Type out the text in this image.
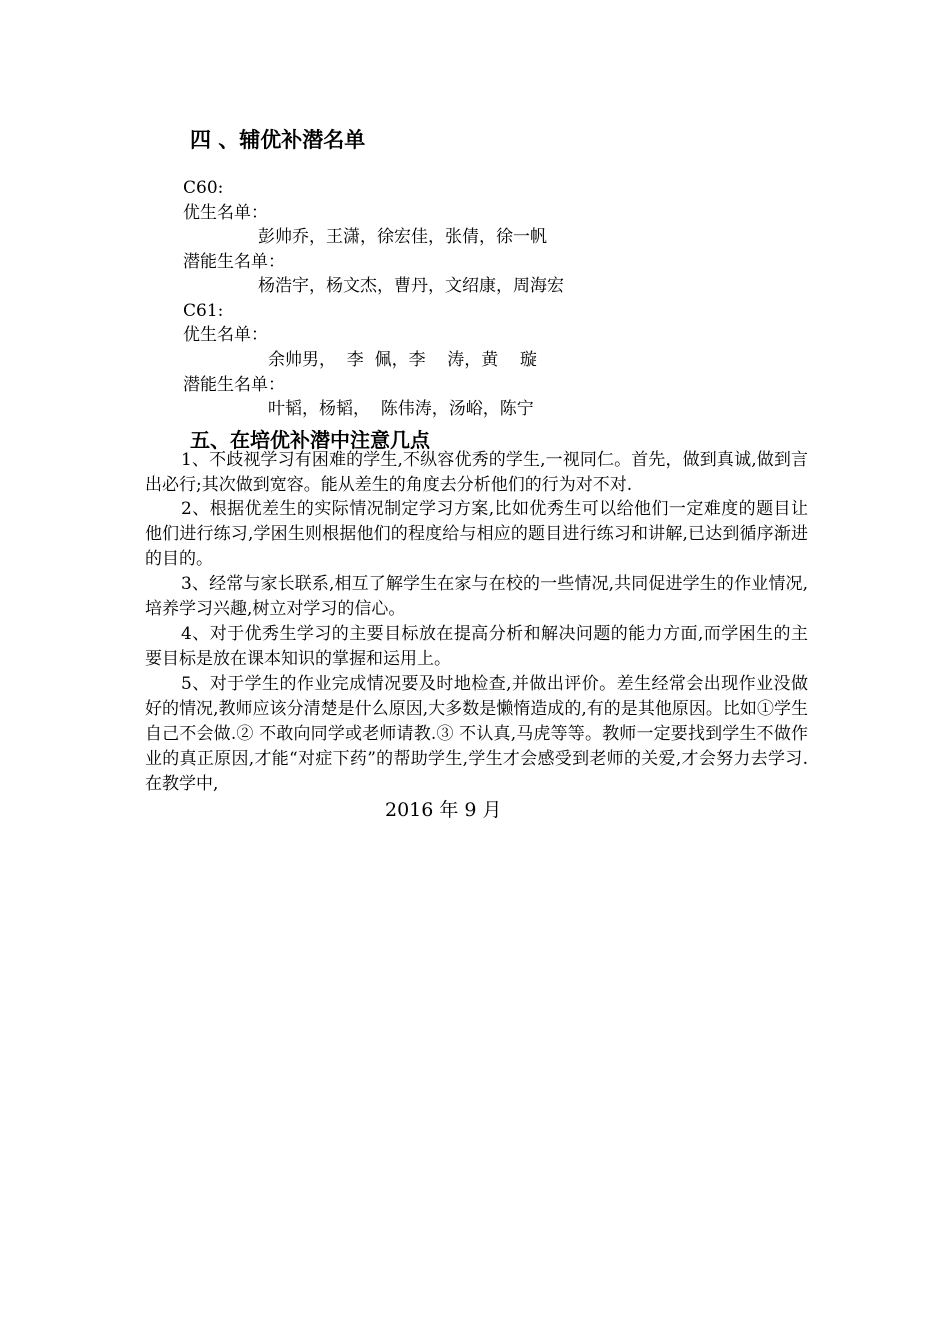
四 、辅优补潜名单
C60:
优生名单：
彭帅乔，王潇，徐宏佳，张倩，徐一帆
潜能生名单：
杨浩宇，杨文杰，曹丹，文绍康，周海宏
C61:
优生名单：
余帅男，  李  佩，李    涛，黄    璇
潜能生名单：
叶韬，杨韬，  陈伟涛，汤峪，陈宁
五、在培优补潜中注意几点
1、不歧视学习有困难的学生,不纵容优秀的学生,一视同仁。首先，做到真诚,做到言出必行;其次做到宽容。能从差生的角度去分析他们的行为对不对.
2、根据优差生的实际情况制定学习方案,比如优秀生可以给他们一定难度的题目让他们进行练习,学困生则根据他们的程度给与相应的题目进行练习和讲解,已达到循序渐进的目的。
3、经常与家长联系,相互了解学生在家与在校的一些情况,共同促进学生的作业情况,培养学习兴趣,树立对学习的信心。
4、对于优秀生学习的主要目标放在提高分析和解决问题的能力方面,而学困生的主要目标是放在课本知识的掌握和运用上。
5、对于学生的作业完成情况要及时地检查,并做出评价。差生经常会出现作业没做好的情况,教师应该分清楚是什么原因,大多数是懒惰造成的,有的是其他原因。比如①学生自己不会做.② 不敢向同学或老师请教.③ 不认真,马虎等等。教师一定要找到学生不做作业的真正原因,才能“对症下药”的帮助学生,学生才会感受到老师的关爱,才会努力去学习.在教学中,
2016 年 9 月
